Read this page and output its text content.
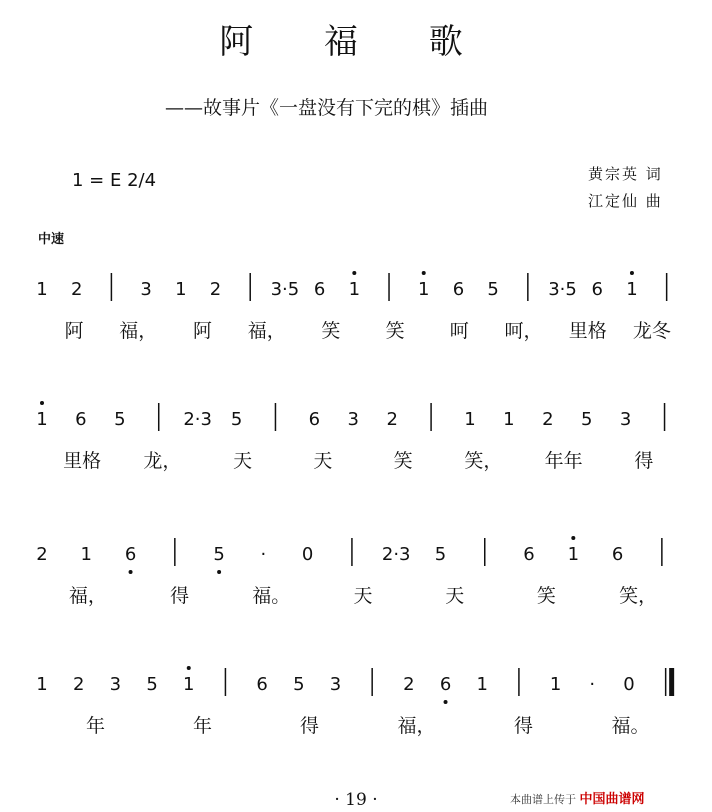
阿 福 歌
——故事片《一盘没有下完的棋》插曲
1 = E 2/4	黄宗英 词
江定仙 曲
中速
1 2	3 1 2	3·5 6 1	1 6 5	3·5 6 1
阿 福， 阿 福， 笑 笑 呵 呵， 里格 龙冬
1 6 5	2·3 5	6 3 2	1 1 2 5 3
里格 龙，	天	天	笑	笑， 年年	得
2 1 6	5 · 0	2·3 5	6 1 6
福，	得	福。	天	天	笑	笑，
1 2 3 5 1	6 5 3	2 6 1	1 · 0
年	年	得	福，	得	福。
· 19 ·	本曲谱上传于 中国曲谱网
